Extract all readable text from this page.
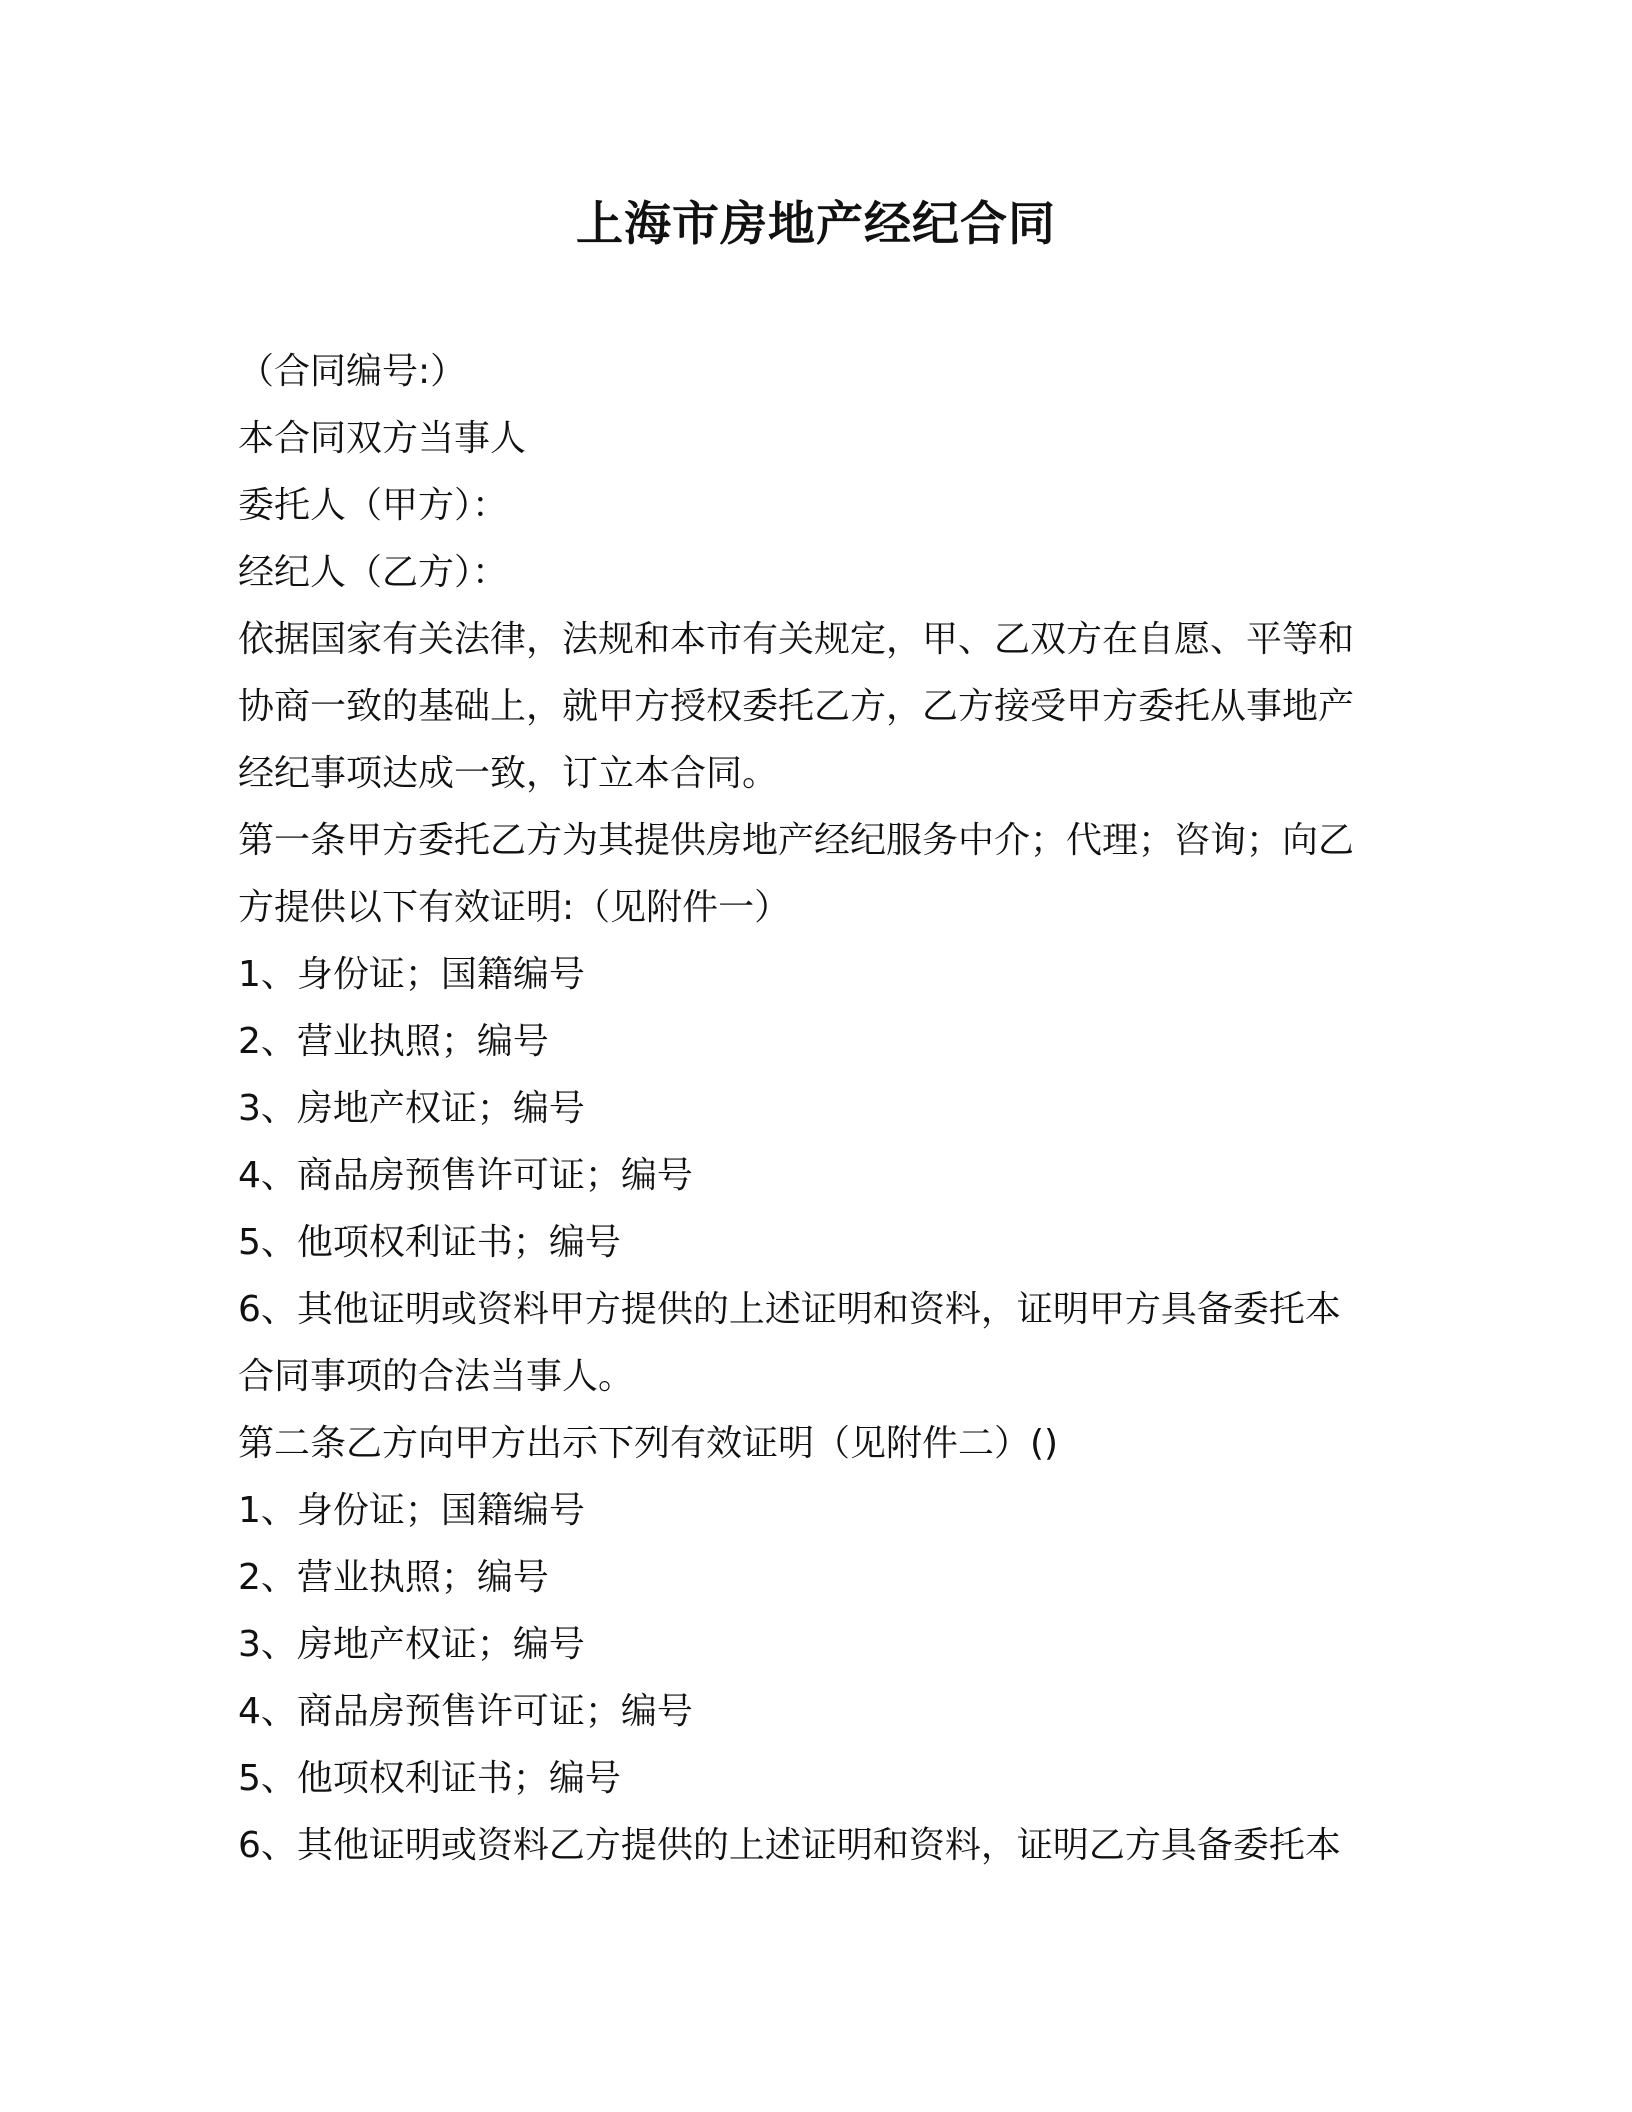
上海市房地产经纪合同
（合同编号:）
本合同双方当事人
委托人（甲方）：
经纪人（乙方）：
依据国家有关法律，法规和本市有关规定，甲、乙双方在自愿、平等和
协商一致的基础上，就甲方授权委托乙方，乙方接受甲方委托从事地产
经纪事项达成一致，订立本合同。
第一条甲方委托乙方为其提供房地产经纪服务中介；代理；咨询；向乙
方提供以下有效证明:（见附件一）
1、身份证；国籍编号
2、营业执照；编号
3、房地产权证；编号
4、商品房预售许可证；编号
5、他项权利证书；编号
6、其他证明或资料甲方提供的上述证明和资料，证明甲方具备委托本
合同事项的合法当事人。
第二条乙方向甲方出示下列有效证明（见附件二）()
1、身份证；国籍编号
2、营业执照；编号
3、房地产权证；编号
4、商品房预售许可证；编号
5、他项权利证书；编号
6、其他证明或资料乙方提供的上述证明和资料，证明乙方具备委托本
